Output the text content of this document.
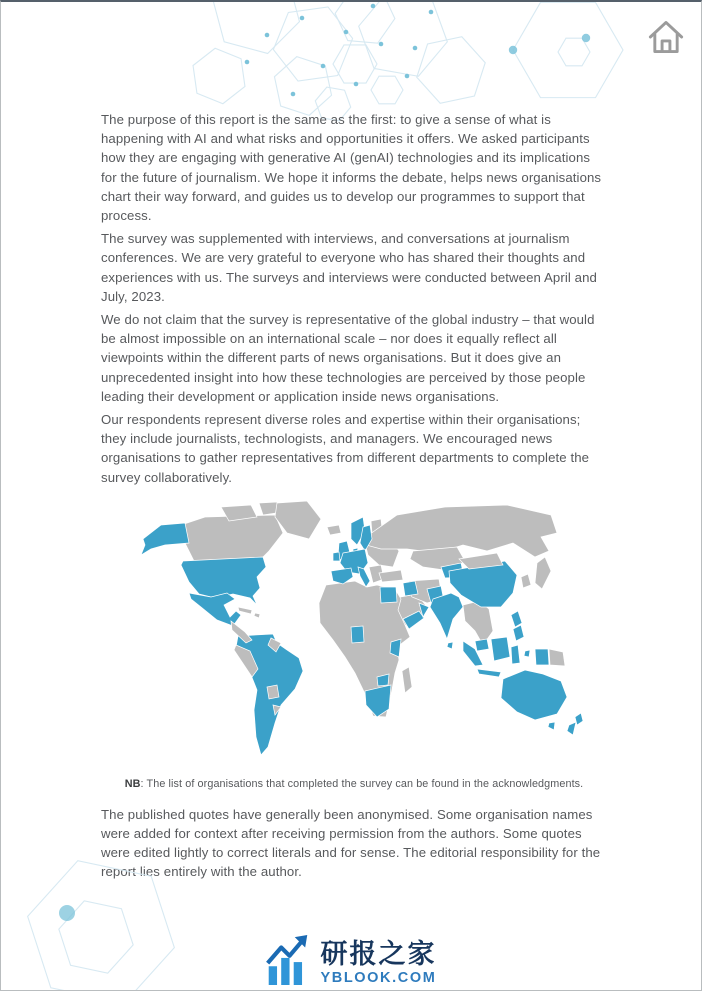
The purpose of this report is the same as the first: to give a sense of what is happening with AI and what risks and opportunities it offers. We asked participants how they are engaging with generative AI (genAI) technologies and its implications for the future of journalism. We hope it informs the debate, helps news organisations chart their way forward, and guides us to develop our programmes to support that process.

The survey was supplemented with interviews, and conversations at journalism conferences. We are very grateful to everyone who has shared their thoughts and experiences with us. The surveys and interviews were conducted between April and July, 2023.

We do not claim that the survey is representative of the global industry – that would be almost impossible on an international scale – nor does it equally reflect all viewpoints within the different parts of news organisations. But it does give an unprecedented insight into how these technologies are perceived by those people leading their development or application inside news organisations.

Our respondents represent diverse roles and expertise within their organisations; they include journalists, technologists, and managers. We encouraged news organisations to gather representatives from different departments to complete the survey collaboratively.

NB: The list of organisations that completed the survey can be found in the acknowledgments.

The published quotes have generally been anonymised. Some organisation names were added for context after receiving permission from the authors. Some quotes were edited lightly to correct literals and for sense. The editorial responsibility for the report lies entirely with the author.

研报之家
YBLOOK.COM
